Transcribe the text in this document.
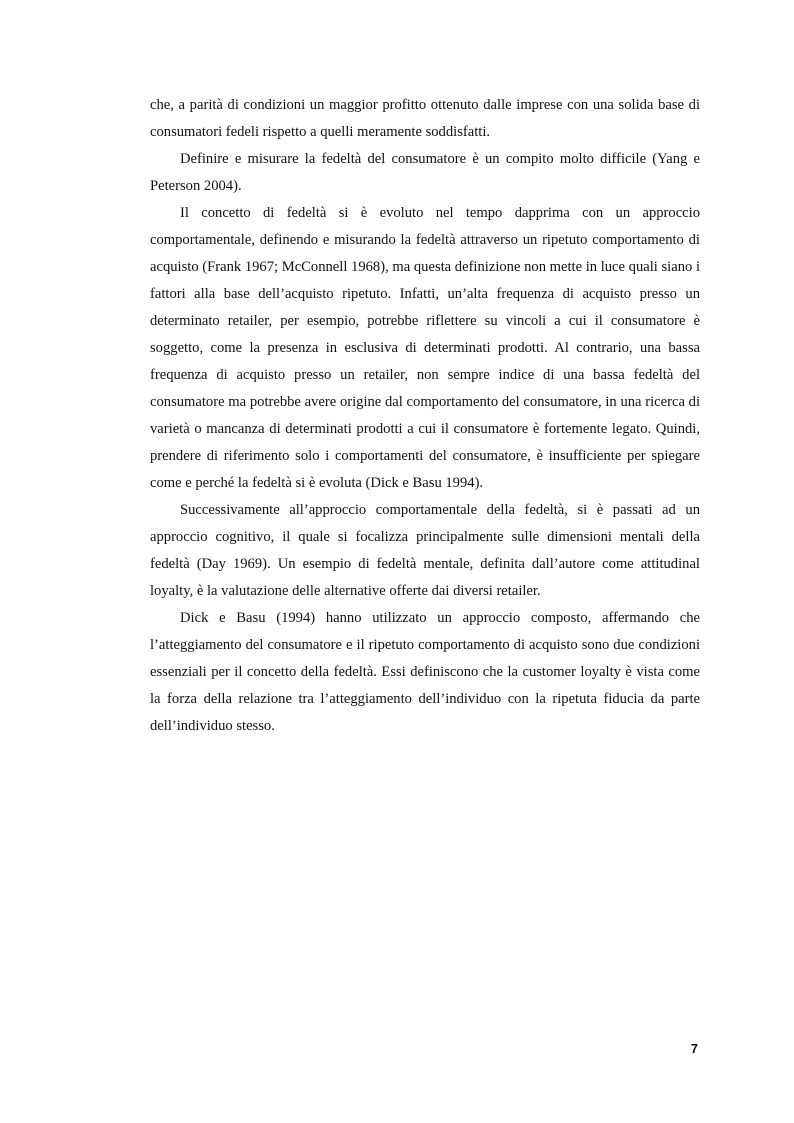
che, a parità di condizioni un maggior profitto ottenuto dalle imprese con una solida base di consumatori fedeli rispetto a quelli meramente soddisfatti.

Definire e misurare la fedeltà del consumatore è un compito molto difficile (Yang e Peterson 2004).

Il concetto di fedeltà si è evoluto nel tempo dapprima con un approccio comportamentale, definendo e misurando la fedeltà attraverso un ripetuto comportamento di acquisto (Frank 1967; McConnell 1968), ma questa definizione non mette in luce quali siano i fattori alla base dell’acquisto ripetuto. Infatti, un’alta frequenza di acquisto presso un determinato retailer, per esempio, potrebbe riflettere su vincoli a cui il consumatore è soggetto, come la presenza in esclusiva di determinati prodotti. Al contrario, una bassa frequenza di acquisto presso un retailer, non sempre indice di una bassa fedeltà del consumatore ma potrebbe avere origine dal comportamento del consumatore, in una ricerca di varietà o mancanza di determinati prodotti a cui il consumatore è fortemente legato. Quindi, prendere di riferimento solo i comportamenti del consumatore, è insufficiente per spiegare come e perché la fedeltà si è evoluta (Dick e Basu 1994).

Successivamente all’approccio comportamentale della fedeltà, si è passati ad un approccio cognitivo, il quale si focalizza principalmente sulle dimensioni mentali della fedeltà (Day 1969). Un esempio di fedeltà mentale, definita dall’autore come attitudinal loyalty, è la valutazione delle alternative offerte dai diversi retailer.

Dick e Basu (1994) hanno utilizzato un approccio composto, affermando che l’atteggiamento del consumatore e il ripetuto comportamento di acquisto sono due condizioni essenziali per il concetto della fedeltà. Essi definiscono che la customer loyalty è vista come la forza della relazione tra l’atteggiamento dell’individuo con la ripetuta fiducia da parte dell’individuo stesso.

7
